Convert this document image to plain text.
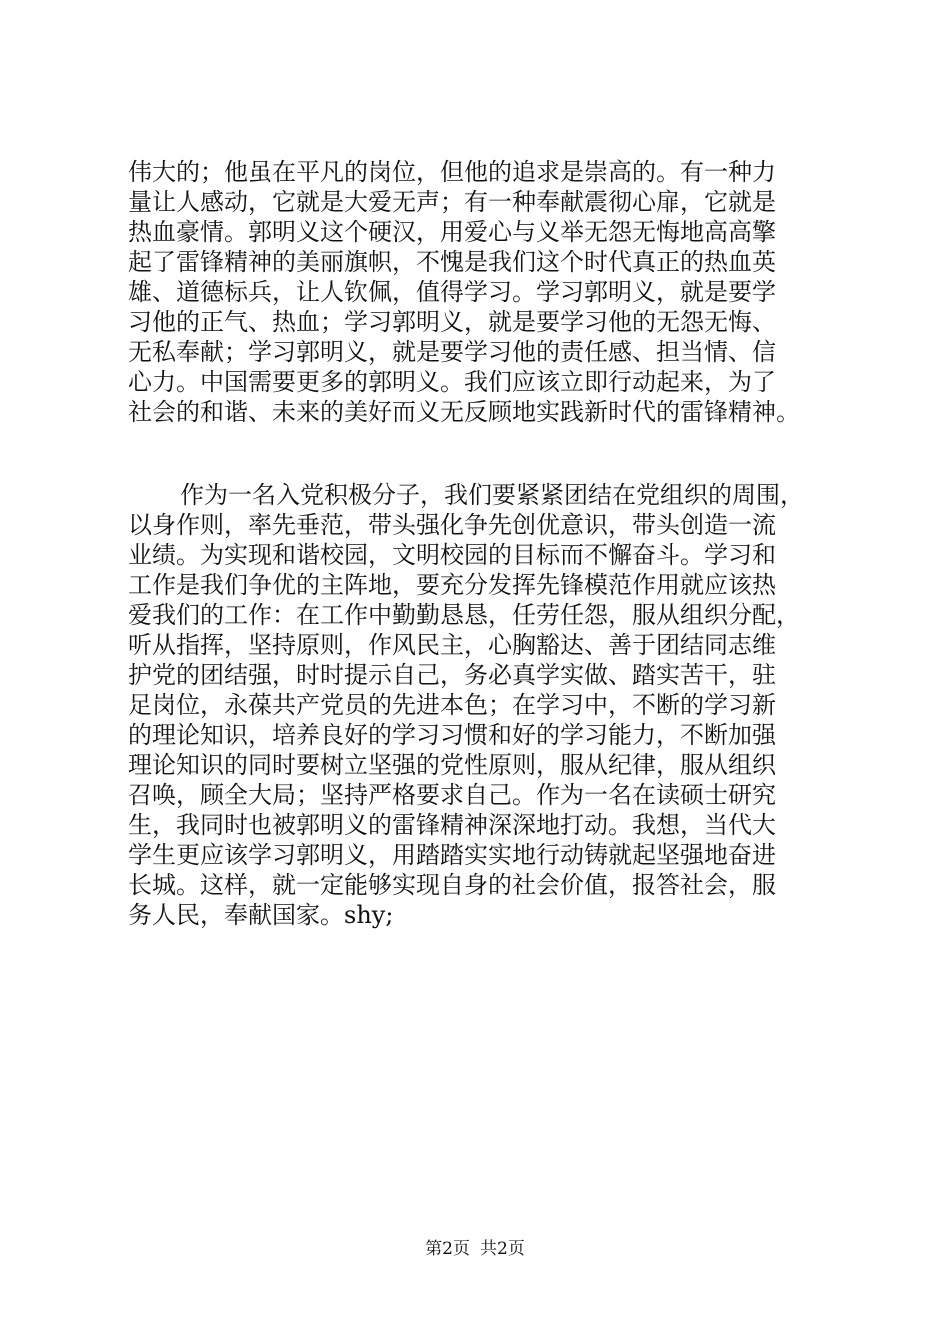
伟大的；他虽在平凡的岗位，但他的追求是崇高的。有一种力
量让人感动，它就是大爱无声；有一种奉献震彻心扉，它就是
热血豪情。郭明义这个硬汉，用爱心与义举无怨无悔地高高擎
起了雷锋精神的美丽旗帜，不愧是我们这个时代真正的热血英
雄、道德标兵，让人钦佩，值得学习。学习郭明义，就是要学
习他的正气、热血；学习郭明义，就是要学习他的无怨无悔、
无私奉献；学习郭明义，就是要学习他的责任感、担当情、信
心力。中国需要更多的郭明义。我们应该立即行动起来，为了
社会的和谐、未来的美好而义无反顾地实践新时代的雷锋精神。
作为一名入党积极分子，我们要紧紧团结在党组织的周围，
以身作则，率先垂范，带头强化争先创优意识，带头创造一流
业绩。为实现和谐校园，文明校园的目标而不懈奋斗。学习和
工作是我们争优的主阵地，要充分发挥先锋模范作用就应该热
爱我们的工作：在工作中勤勤恳恳，任劳任怨，服从组织分配，
听从指挥，坚持原则，作风民主，心胸豁达、善于团结同志维
护党的团结强，时时提示自己，务必真学实做、踏实苦干，驻
足岗位，永葆共产党员的先进本色；在学习中，不断的学习新
的理论知识，培养良好的学习习惯和好的学习能力，不断加强
理论知识的同时要树立坚强的党性原则，服从纪律，服从组织
召唤，顾全大局；坚持严格要求自己。作为一名在读硕士研究
生，我同时也被郭明义的雷锋精神深深地打动。我想，当代大
学生更应该学习郭明义，用踏踏实实地行动铸就起坚强地奋进
长城。这样，就一定能够实现自身的社会价值，报答社会，服
务人民，奉献国家。shy;
第2页 共2页
